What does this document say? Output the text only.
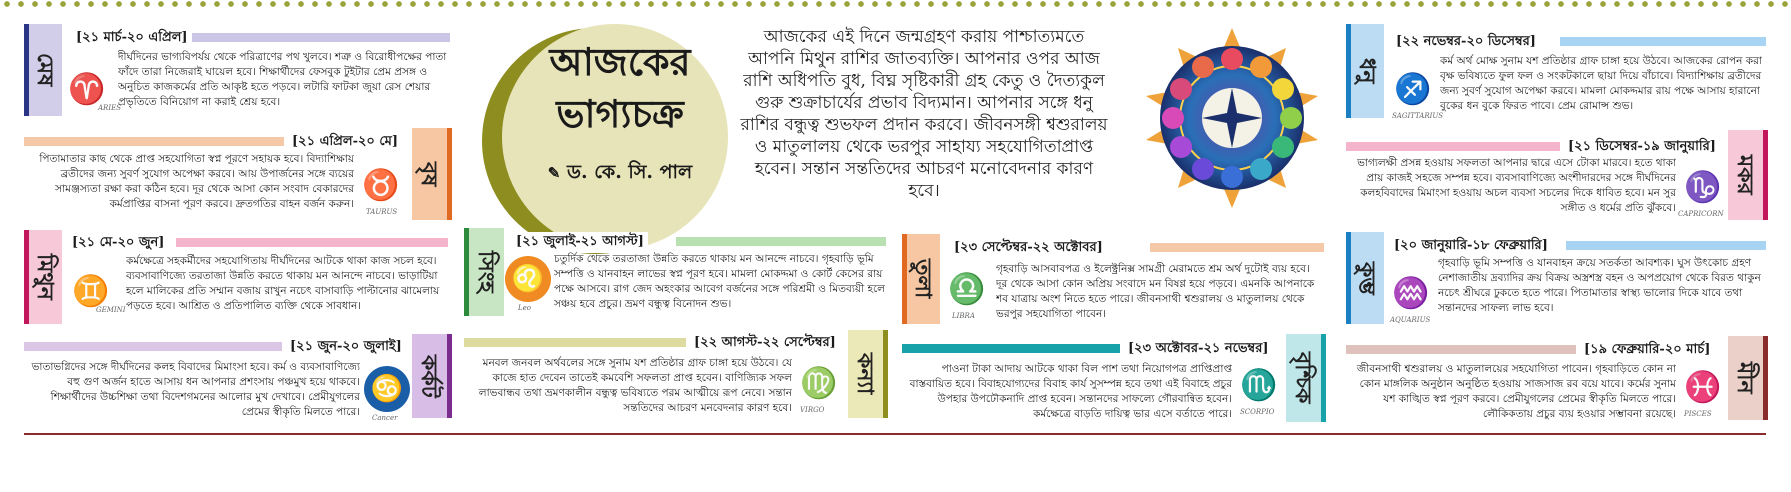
মেষ
[২১ মার্চ-২০ এপ্রিল]
♈
ARIES
দীর্ঘদিনের ভাগ্যবিপর্যয় থেকে পরিত্রাণের পথ খুলবে। শত্রু ও বিরোধীপক্ষের পাতা ফাঁদে তারা নিজেরাই ঘায়েল হবে। শিক্ষার্থীদের ফেসবুক টুইটার প্রেম প্রসঙ্গ ও অনুচিত কাজকর্মের প্রতি আকৃষ্ট হতে পড়বে। লটারি ফাটকা জুয়া রেস শেয়ার প্রভৃতিতে বিনিয়োগ না করাই শ্রেয় হবে।
[২১ এপ্রিল-২০ মে]
বৃষ
পিতামাতার কাছ থেকে প্রাপ্ত সহযোগিতা স্বপ্ন পূরণে সহায়ক হবে। বিদ্যাশিক্ষায় ব্রতীদের জন্য সুবর্ণ সুযোগ অপেক্ষা করবে। আয় উপার্জনের সঙ্গে ব্যয়ের সামঞ্জস্যতা রক্ষা করা কঠিন হবে। দূর থেকে আসা কোন সংবাদ বেকারদের কর্মপ্রাপ্তির বাসনা পূরণ করবে। দ্রুতগতির বাহন বর্জন করুন।
♉
TAURUS
মিথুন
[২১ মে-২০ জুন]
♊
GEMINI
কর্মক্ষেত্রে সহকর্মীদের সহযোগিতায় দীর্ঘদিনের আটকে থাকা কাজ সচল হবে। ব্যবসাবাণিজ্যে তরতাজা উন্নতি করতে থাকায় মন আনন্দে নাচবে। ভাড়াটিয়া হলে মালিকের প্রতি সম্মান বজায় রাখুন নচেৎ বাসাবাড়ি পাল্টানোর ঝামেলায় পড়তে হবে। আশ্রিত ও প্রতিপালিত ব্যক্তি থেকে সাবধান।
[২১ জুন-২০ জুলাই]
কর্কট
ভাতাভগ্নিদের সঙ্গে দীর্ঘদিনের কলহ বিবাদের মিমাংসা হবে। কর্ম ও ব্যবসাবাণিজ্যে বহু গুণ অর্জন হাতে আসায় ধন আপনার প্রশংসায় পঞ্চমুখ হয়ে থাকবে। শিক্ষার্থীদের উচ্চশিক্ষা তথা বিদেশগমনের আলোর মুখ দেখাবে। প্রেমীযুগলের প্রেমের স্বীকৃতি মিলতে পারে।
♋
Cancer
আজকের
ভাগ্যচক্র
✎ ড. কে. সি. পাল
আজকের এই দিনে জন্মগ্রহণ করায় পাশ্চাত্যমতে আপনি মিথুন রাশির জাতব্যক্তি। আপনার ওপর আজ রাশি অধিপতি বুধ, বিঘ্ন সৃষ্টিকারী গ্রহ কেতু ও দৈত্যকুল গুরু শুক্রাচার্যের প্রভাব বিদ্যমান। আপনার সঙ্গে ধনু রাশির বন্ধুত্ব শুভফল প্রদান করবে। জীবনসঙ্গী শ্বশুরালয় ও মাতুলালয় থেকে ভরপুর সাহায্য সহযোগিতাপ্রাপ্ত হবেন। সন্তান সন্ততিদের আচরণ মনোবেদনার কারণ হবে।
সিংহ
[২১ জুলাই-২১ আগস্ট]
♌
Leo
চতুর্দিক থেকে তরতাজা উন্নতি করতে থাকায় মন আনন্দে নাচবে। গৃহবাড়ি ভূমি সম্পত্তি ও যানবাহন লাভের স্বপ্ন পূরণ হবে। মামলা মোকদ্দমা ও কোর্ট কেসের রায় পক্ষে আসবে। রাগ জেদ অহংকার আবেগ বর্জনের সঙ্গে পরিশ্রমী ও মিতব্যয়ী হলে সঞ্চয় হবে প্রচুর। ভ্রমণ বন্ধুত্ব বিনোদন শুভ।
[২২ আগস্ট-২২ সেপ্টেম্বর]
কন্যা
মনবল জনবল অর্থবলের সঙ্গে সুনাম যশ প্রতিষ্ঠার গ্রাফ চাঙ্গা হয়ে উঠবে। যে কাজে হাত দেবেন তাতেই কমবেশি সফলতা প্রাপ্ত হবেন। বাণিজ্যিক সফল লাভবান্ধব তথা ভ্রমণকালীন বন্ধুত্ব ভবিষ্যতে পরম আত্মীয়ে রূপ নেবে। সন্তান সন্ততিদের আচরণ মনবেদনার কারণ হবে।
♍
VIRGO
তুলা
[২৩ সেপ্টেম্বর-২২ অক্টোবর]
♎
LIBRA
গৃহবাড়ি আসবাবপত্র ও ইলেক্ট্রনিক্স সামগ্রী মেরামতে শ্রম অর্থ দুটোই ব্যয় হবে। দূর থেকে আসা কোন অপ্রিয় সংবাদে মন বিষণ্ণ হয়ে পড়বে। এমনকি আপনাকে শব যাত্রায় অংশ নিতে হতে পারে। জীবনসাথী শ্বশুরালয় ও মাতুলালয় থেকে ভরপুর সহযোগিতা পাবেন।
[২৩ অক্টোবর-২১ নভেম্বর]
বৃশ্চিক
পাওনা টাকা আদায় আটকে থাকা বিল পাশ তথা নিয়োগপত্র প্রাপ্তিপ্রাপ্ত বাস্তবায়িত হবে। বিবাহযোগ্যদের বিবাহ কার্য সুসম্পন্ন হবে তথা এই বিবাহে প্রচুর উপহার উপঢৌকনাদি প্রাপ্ত হবেন। সন্তানদের সাফল্যে গৌরবান্বিত হবেন। কর্মক্ষেত্রে বাড়তি দায়িত্ব ভার এসে বর্তাতে পারে।
♏
SCORPIO
ধনু
[২২ নভেম্বর-২০ ডিসেম্বর]
♐
SAGITTARIUS
কর্ম অর্থ মোক্ষ সুনাম যশ প্রতিষ্ঠার গ্রাফ চাঙ্গা হয়ে উঠবে। আজকের রোপন করা বৃক্ষ ভবিষ্যতে ফুল ফল ও সংকটকালে ছায়া দিয়ে বাঁচাবে। বিদ্যাশিক্ষায় ব্রতীদের জন্য সুবর্ণ সুযোগ অপেক্ষা করবে। মামলা মোকদ্দমার রায় পক্ষে আসায় হারানো বুকের ধন বুকে ফিরত পাবে। প্রেম রোমান্স শুভ।
[২১ ডিসেম্বর-১৯ জানুয়ারি]
মকর
ভাগ্যলক্ষী প্রসন্ন হওয়ায় সফলতা আপনার দ্বারে এসে টোকা মারবে। হতে থাকা প্রায় কাজই সহজে সম্পন্ন হবে। ব্যবসাবাণিজ্যে অংশীদারদের সঙ্গে দীর্ঘদিনের কলহবিবাদের মিমাংসা হওয়ায় অচল ব্যবসা সচলের দিকে ধাবিত হবে। মন সুর সঙ্গীত ও ধর্মের প্রতি ঝুঁকবে।
♑
CAPRICORN
কুম্ভ
[২০ জানুয়ারি-১৮ ফেব্রুয়ারি]
♒
AQUARIUS
গৃহবাড়ি ভূমি সম্পত্তি ও যানবাহন ক্রয়ে সতর্কতা আবশ্যক। ঘুস উৎকোচ গ্রহণ নেশাজাতীয় দ্রব্যাদির ক্রয় বিক্রয় অস্ত্রশস্ত্র বহন ও অপপ্রয়োগ থেকে বিরত থাকুন নচেৎ শ্রীঘরে ঢুকতে হতে পারে। পিতামাতার স্বাস্থ্য ভালোর দিকে যাবে তথা সন্তানদের সাফল্য লাভ হবে।
[১৯ ফেব্রুয়ারি-২০ মার্চ]
মীন
জীবনসাথী শ্বশুরালয় ও মাতুলালয়ের সহযোগিতা পাবেন। গৃহবাড়িতে কোন না কোন মাঙ্গলিক অনুষ্ঠান অনুষ্ঠিত হওয়ায় সাজসাজ রব বয়ে যাবে। কর্মের সুনাম যশ কাঙ্খিত স্বপ্ন পূরণ করবে। প্রেমীযুগলের প্রেমের স্বীকৃতি মিলতে পারে। লৌকিকতায় প্রচুর ব্যয় হওয়ার সম্ভাবনা রয়েছে।
♓
PISCES
